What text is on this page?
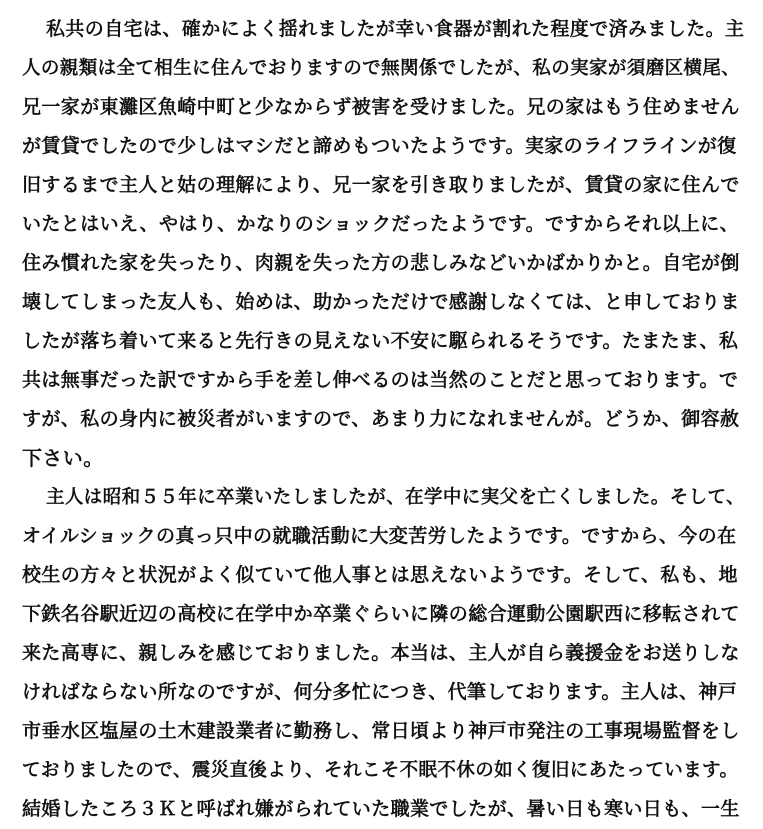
私共の自宅は、確かによく揺れましたが幸い食器が割れた程度で済みました。主
人の親類は全て相生に住んでおりますので無関係でしたが、私の実家が須磨区横尾、
兄一家が東灘区魚崎中町と少なからず被害を受けました。兄の家はもう住めません
が賃貸でしたので少しはマシだと諦めもついたようです。実家のライフラインが復
旧するまで主人と姑の理解により、兄一家を引き取りましたが、賃貸の家に住んで
いたとはいえ、やはり、かなりのショックだったようです。ですからそれ以上に、
住み慣れた家を失ったり、肉親を失った方の悲しみなどいかばかりかと。自宅が倒
壊してしまった友人も、始めは、助かっただけで感謝しなくては、と申しておりま
したが落ち着いて来ると先行きの見えない不安に駆られるそうです。たまたま、私
共は無事だった訳ですから手を差し伸べるのは当然のことだと思っております。で
すが、私の身内に被災者がいますので、あまり力になれませんが。どうか、御容赦
下さい。
主人は昭和５５年に卒業いたしましたが、在学中に実父を亡くしました。そして、
オイルショックの真っ只中の就職活動に大変苦労したようです。ですから、今の在
校生の方々と状況がよく似ていて他人事とは思えないようです。そして、私も、地
下鉄名谷駅近辺の高校に在学中か卒業ぐらいに隣の総合運動公園駅西に移転されて
来た高専に、親しみを感じておりました。本当は、主人が自ら義援金をお送りしな
ければならない所なのですが、何分多忙につき、代筆しております。主人は、神戸
市垂水区塩屋の土木建設業者に勤務し、常日頃より神戸市発注の工事現場監督をし
ておりましたので、震災直後より、それこそ不眠不休の如く復旧にあたっています。
結婚したころ３Ｋと呼ばれ嫌がられていた職業でしたが、暑い日も寒い日も、一生
